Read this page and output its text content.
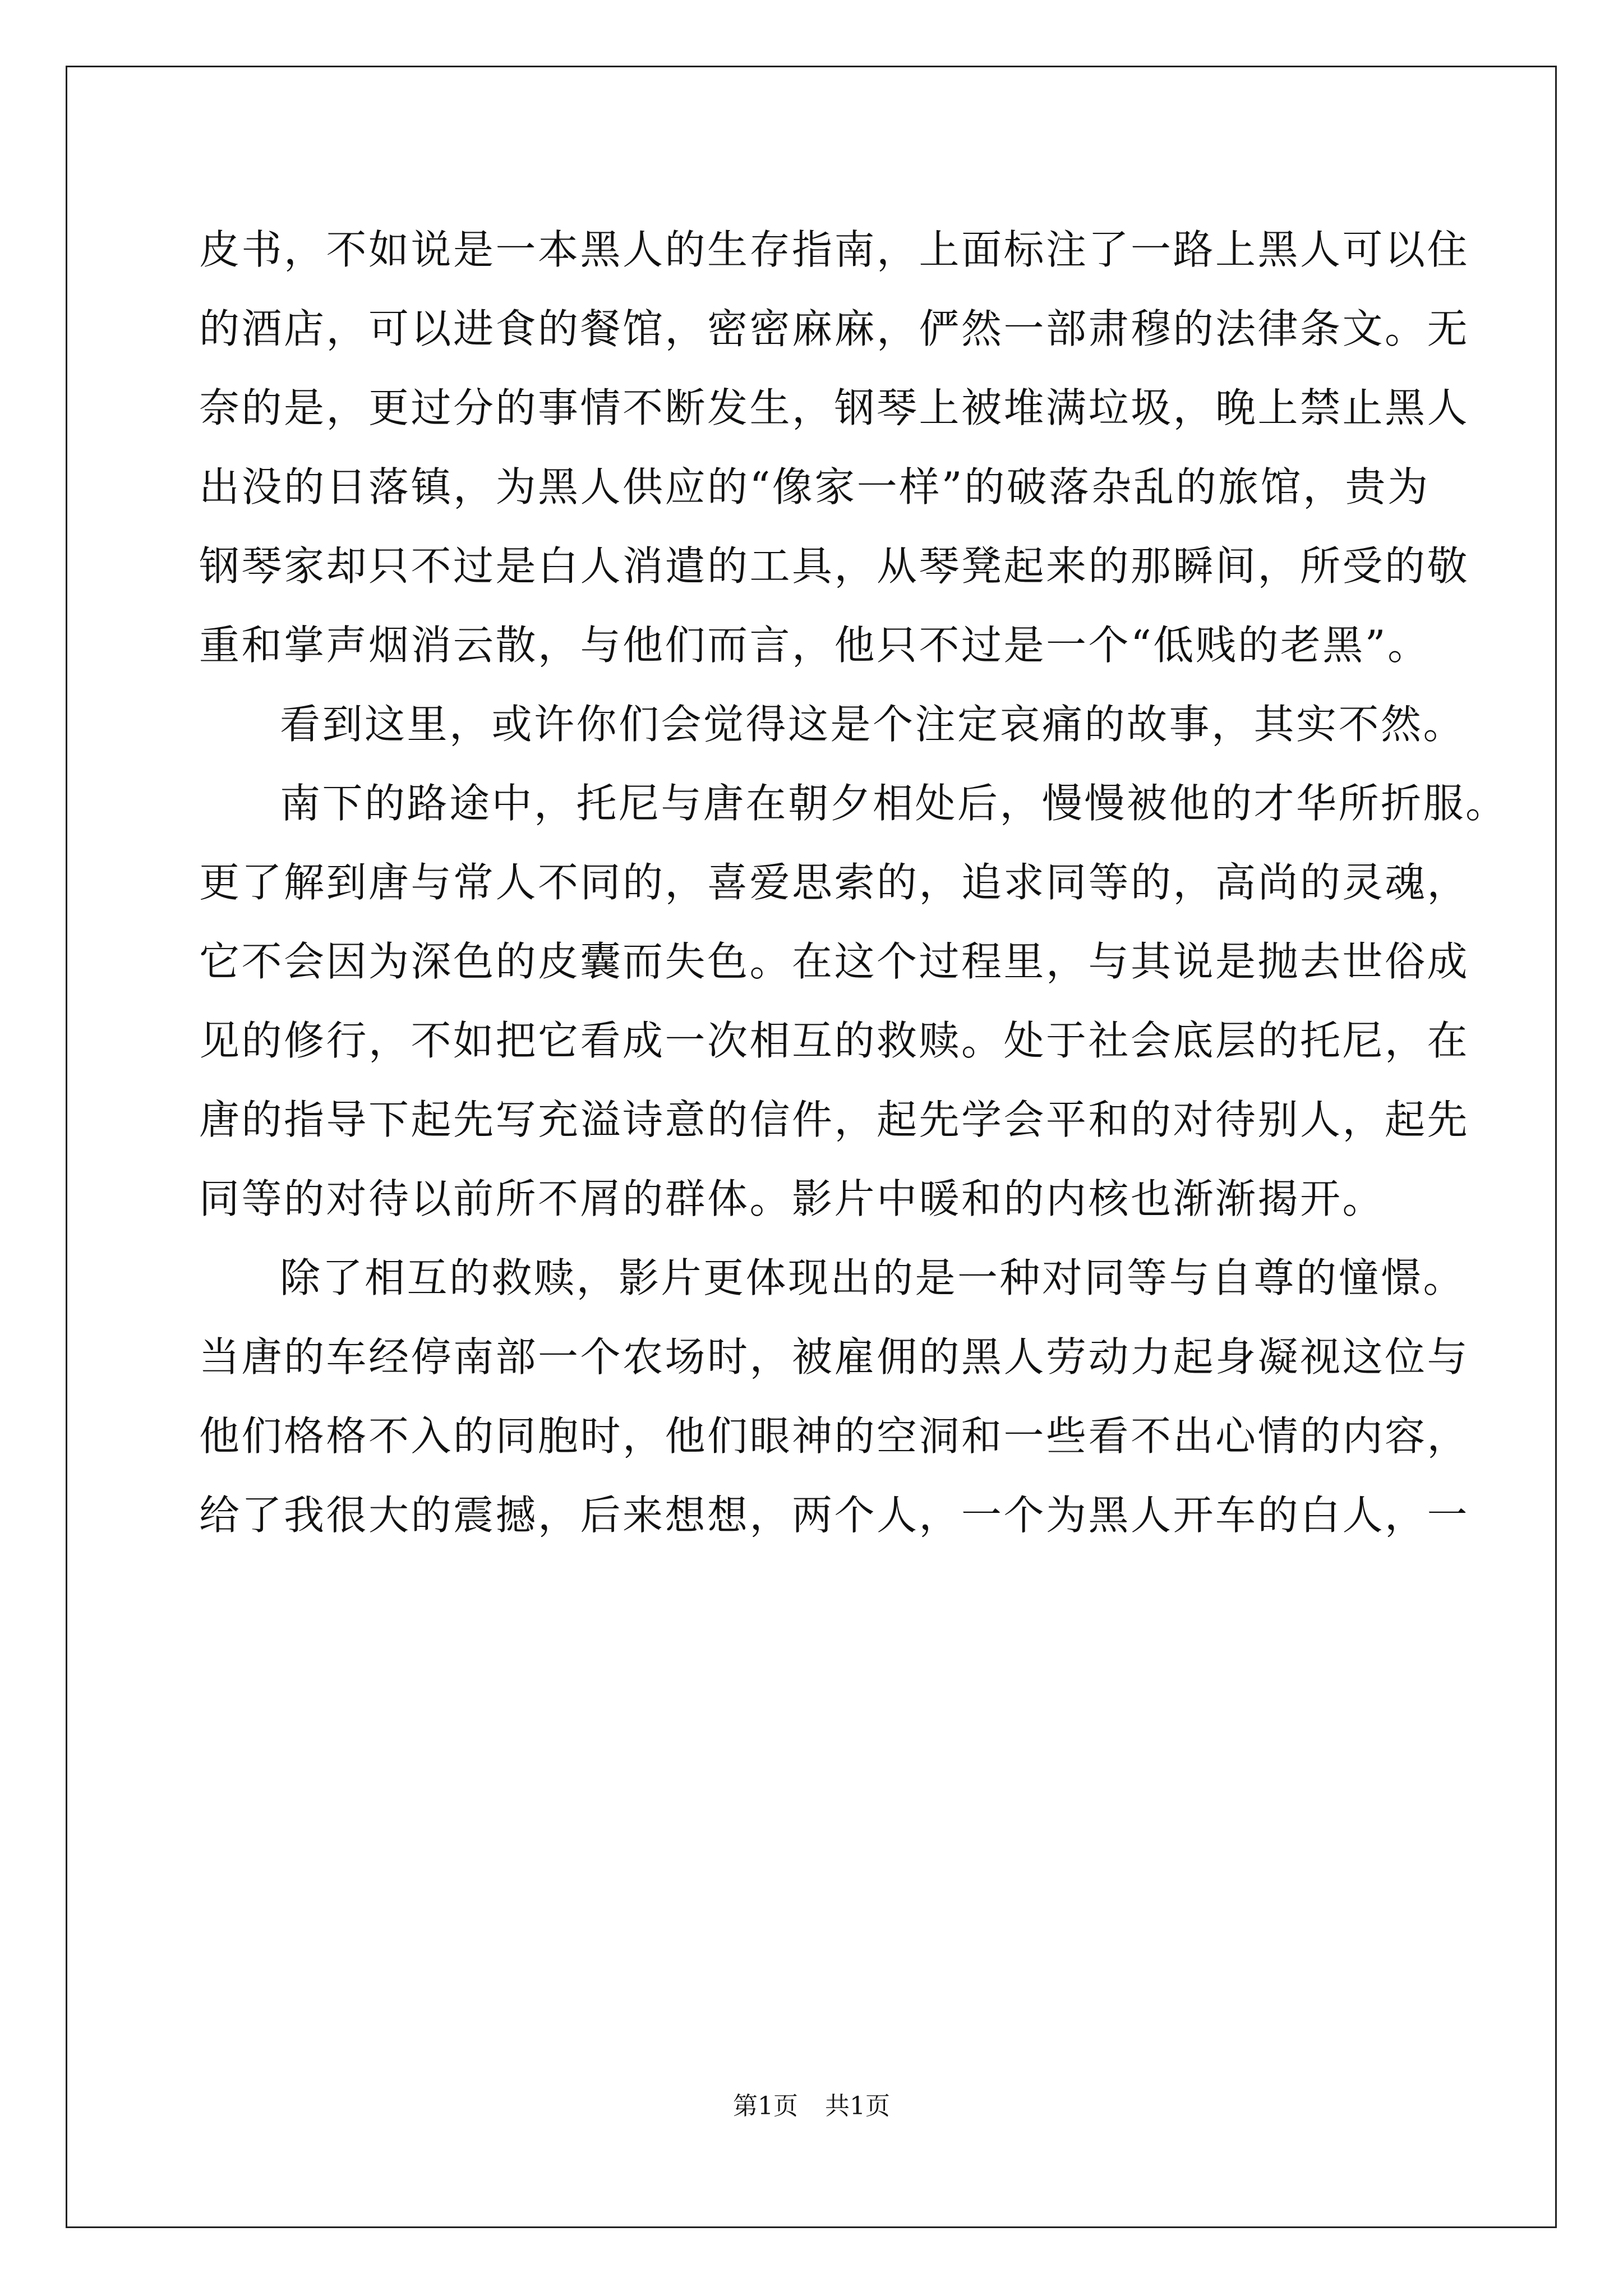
皮书，不如说是一本黑人的生存指南，上面标注了一路上黑人可以住
的酒店，可以进食的餐馆，密密麻麻，俨然一部肃穆的法律条文。无
奈的是，更过分的事情不断发生，钢琴上被堆满垃圾，晚上禁止黑人
出没的日落镇，为黑人供应的“像家一样”的破落杂乱的旅馆，贵为
钢琴家却只不过是白人消遣的工具，从琴凳起来的那瞬间，所受的敬
重和掌声烟消云散，与他们而言，他只不过是一个“低贱的老黑”。
看到这里，或许你们会觉得这是个注定哀痛的故事，其实不然。
南下的路途中，托尼与唐在朝夕相处后，慢慢被他的才华所折服。
更了解到唐与常人不同的，喜爱思索的，追求同等的，高尚的灵魂，
它不会因为深色的皮囊而失色。在这个过程里，与其说是抛去世俗成
见的修行，不如把它看成一次相互的救赎。处于社会底层的托尼，在
唐的指导下起先写充溢诗意的信件，起先学会平和的对待别人，起先
同等的对待以前所不屑的群体。影片中暖和的内核也渐渐揭开。
除了相互的救赎，影片更体现出的是一种对同等与自尊的憧憬。
当唐的车经停南部一个农场时，被雇佣的黑人劳动力起身凝视这位与
他们格格不入的同胞时，他们眼神的空洞和一些看不出心情的内容，
给了我很大的震撼，后来想想，两个人，一个为黑人开车的白人，一
第1页 共1页
